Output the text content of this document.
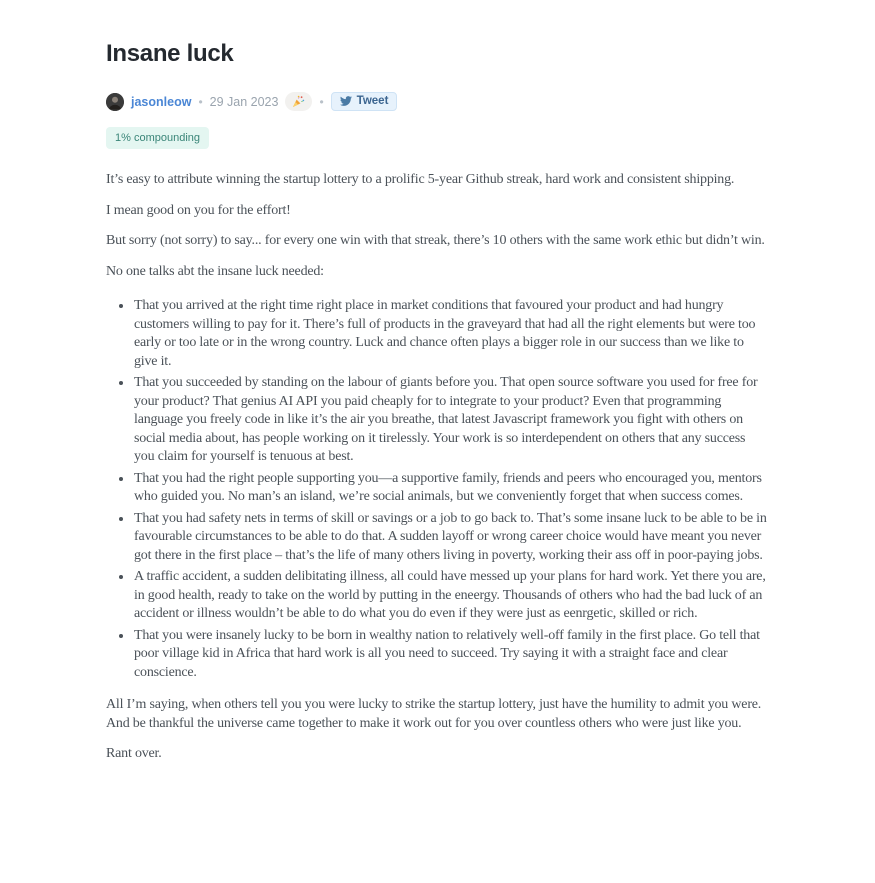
Insane luck
jasonleow • 29 Jan 2023	•	Tweet
1% compounding

It’s easy to attribute winning the startup lottery to a prolific 5-year Github streak, hard work and consistent shipping.

I mean good on you for the effort!

But sorry (not sorry) to say... for every one win with that streak, there’s 10 others with the same work ethic but didn’t win.

No one talks abt the insane luck needed:

• That you arrived at the right time right place in market conditions that favoured your product and had hungry customers willing to pay for it. There’s full of products in the graveyard that had all the right elements but were too early or too late or in the wrong country. Luck and chance often plays a bigger role in our success than we like to give it.
• That you succeeded by standing on the labour of giants before you. That open source software you used for free for your product? That genius AI API you paid cheaply for to integrate to your product? Even that programming language you freely code in like it’s the air you breathe, that latest Javascript framework you fight with others on social media about, has people working on it tirelessly. Your work is so interdependent on others that any success you claim for yourself is tenuous at best.
• That you had the right people supporting you—a supportive family, friends and peers who encouraged you, mentors who guided you. No man’s an island, we’re social animals, but we conveniently forget that when success comes.
• That you had safety nets in terms of skill or savings or a job to go back to. That’s some insane luck to be able to be in favourable circumstances to be able to do that. A sudden layoff or wrong career choice would have meant you never got there in the first place – that’s the life of many others living in poverty, working their ass off in poor-paying jobs.
• A traffic accident, a sudden delibitating illness, all could have messed up your plans for hard work. Yet there you are, in good health, ready to take on the world by putting in the eneergy. Thousands of others who had the bad luck of an accident or illness wouldn’t be able to do what you do even if they were just as eenrgetic, skilled or rich.
• That you were insanely lucky to be born in wealthy nation to relatively well-off family in the first place. Go tell that poor village kid in Africa that hard work is all you need to succeed. Try saying it with a straight face and clear conscience.

All I’m saying, when others tell you you were lucky to strike the startup lottery, just have the humility to admit you were. And be thankful the universe came together to make it work out for you over countless others who were just like you.

Rant over.
